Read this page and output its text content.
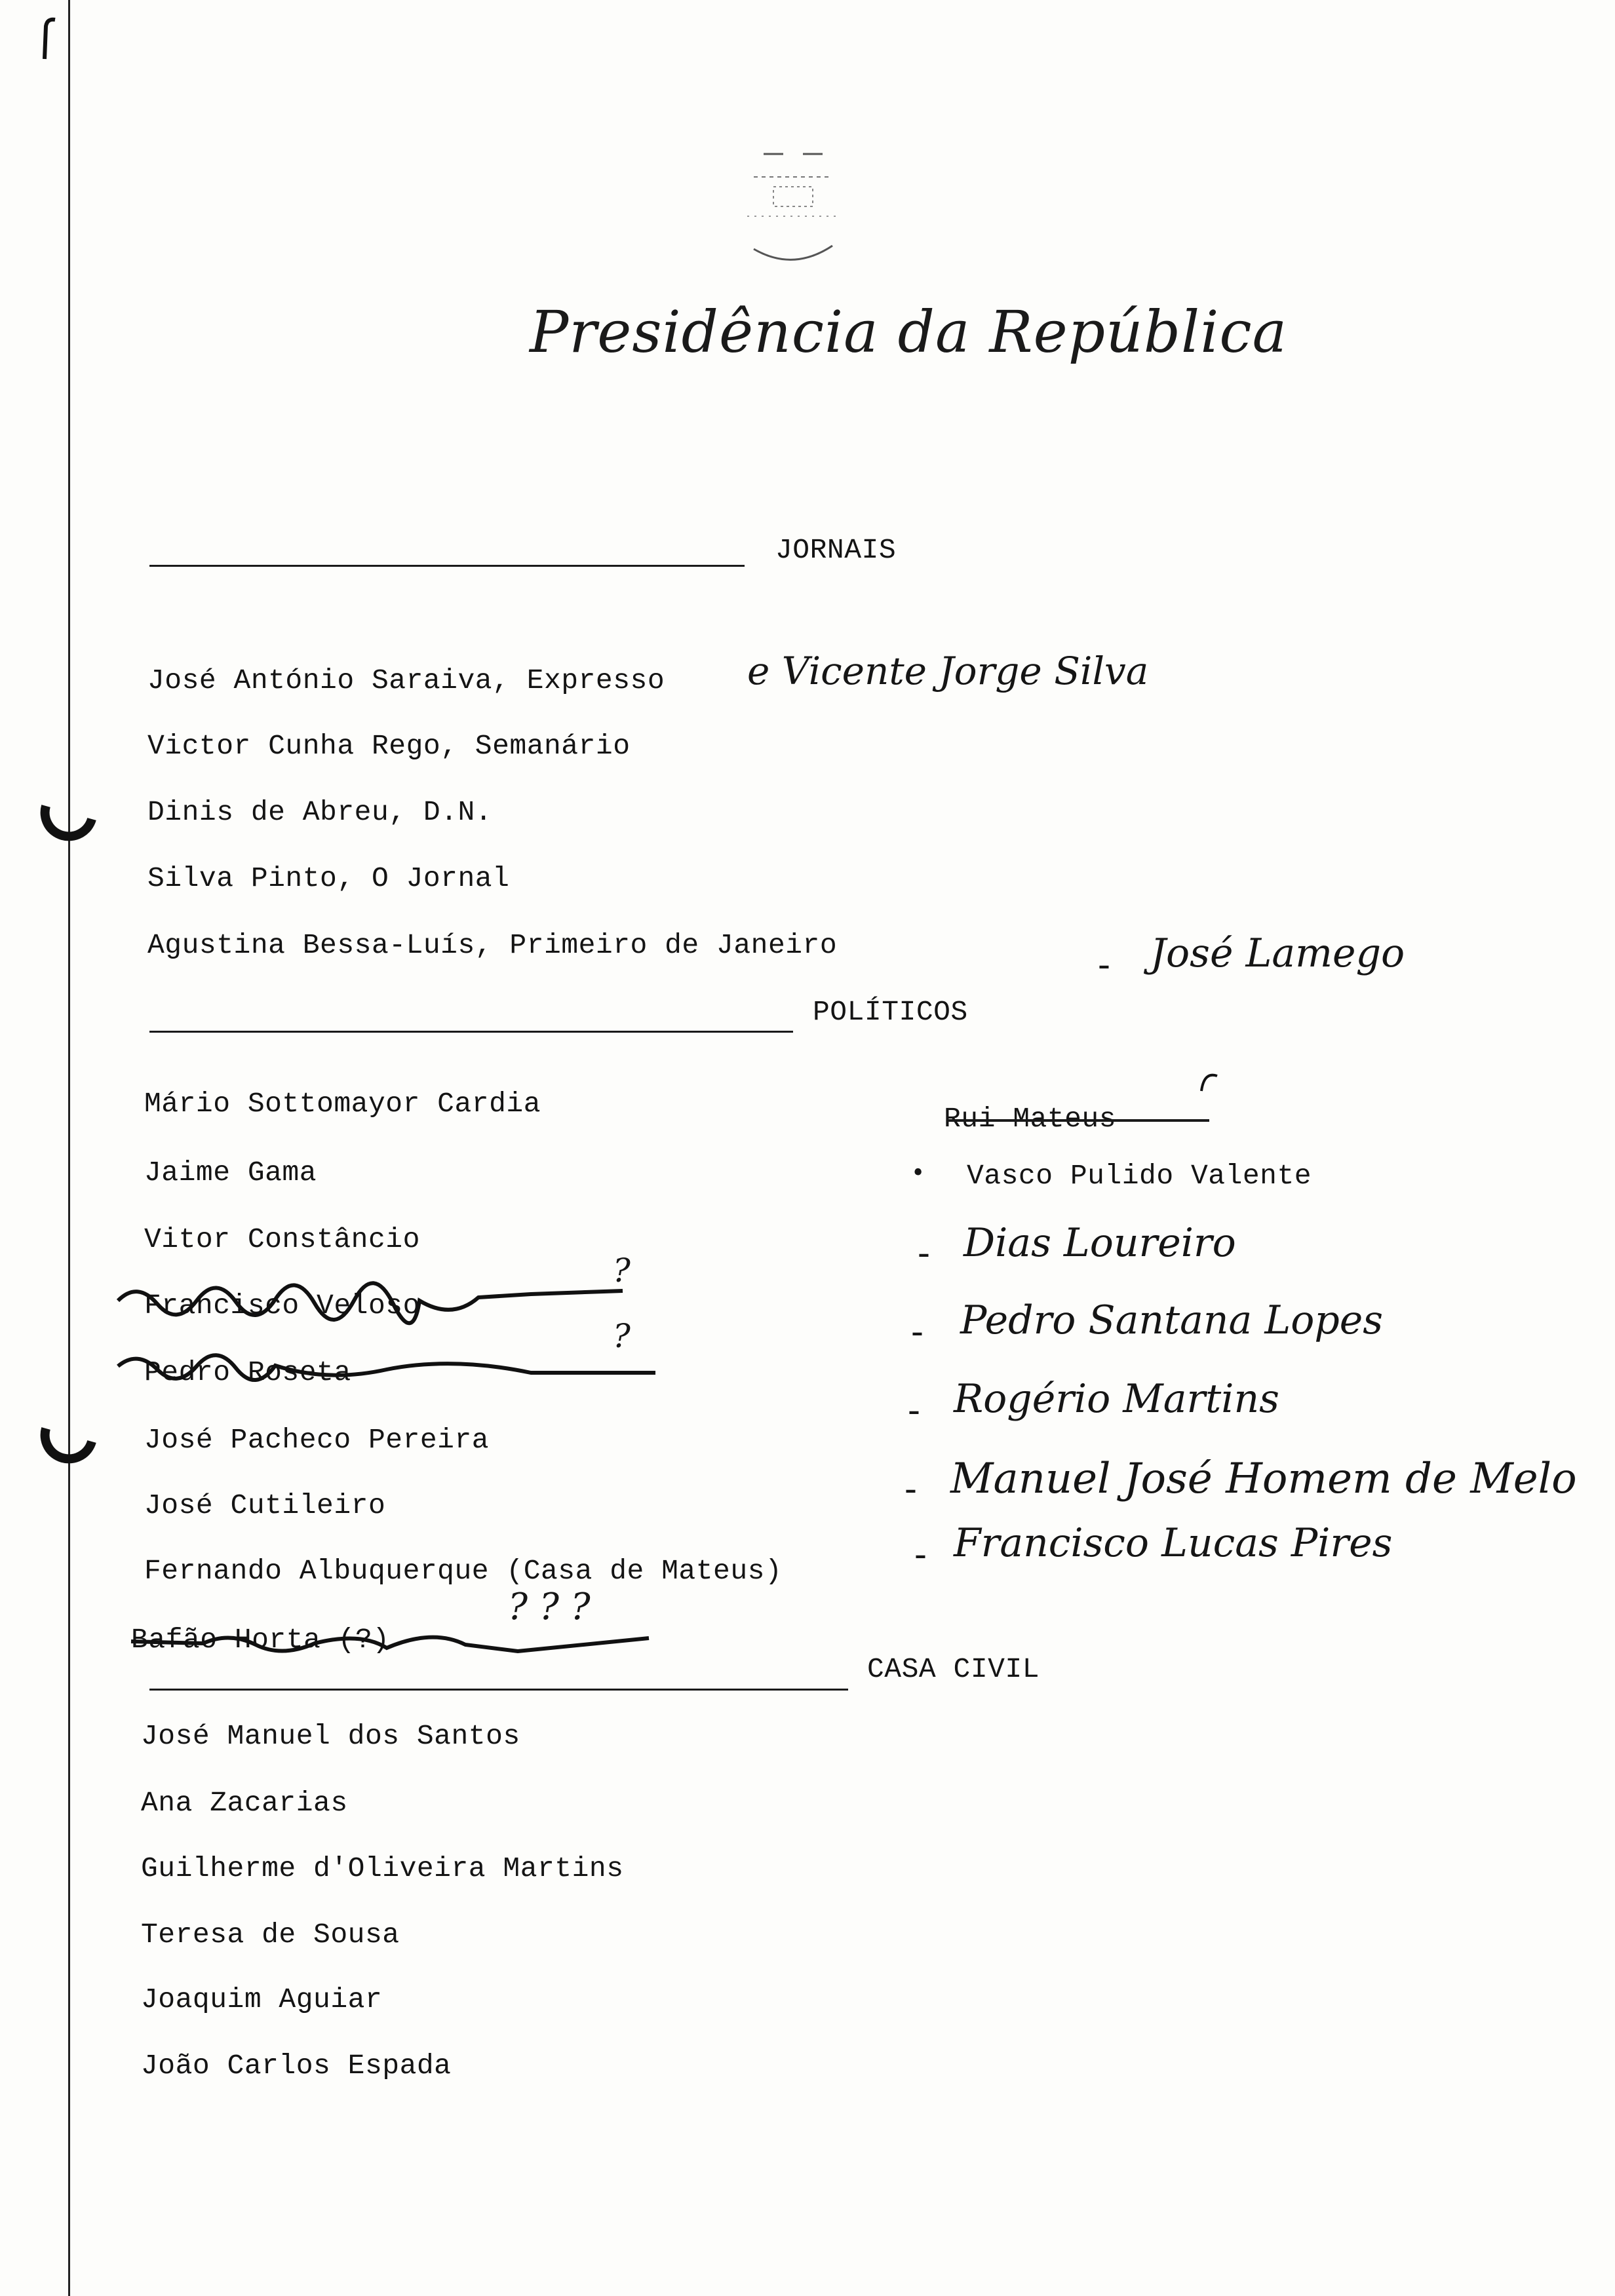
Presidência da República
JORNAIS
José António Saraiva, Expresso
Victor Cunha Rego, Semanário
Dinis de Abreu, D.N.
Silva Pinto, O Jornal
Agustina Bessa-Luís, Primeiro de Janeiro
e Vicente Jorge Silva
- José Lamego
POLÍTICOS
Mário Sottomayor Cardia
Jaime Gama
Vitor Constâncio
Francisco Veloso
?
Pedro Roseta
?
José Pacheco Pereira
José Cutileiro
Fernando Albuquerque (Casa de Mateus)
Bafão Horta (?)
? ? ?
Rui Mateus
• Vasco Pulido Valente
- Dias Loureiro
- Pedro Santana Lopes
- Rogério Martins
- Manuel José Homem de Melo
- Francisco Lucas Pires
CASA CIVIL
José Manuel dos Santos
Ana Zacarias
Guilherme d'Oliveira Martins
Teresa de Sousa
Joaquim Aguiar
João Carlos Espada
